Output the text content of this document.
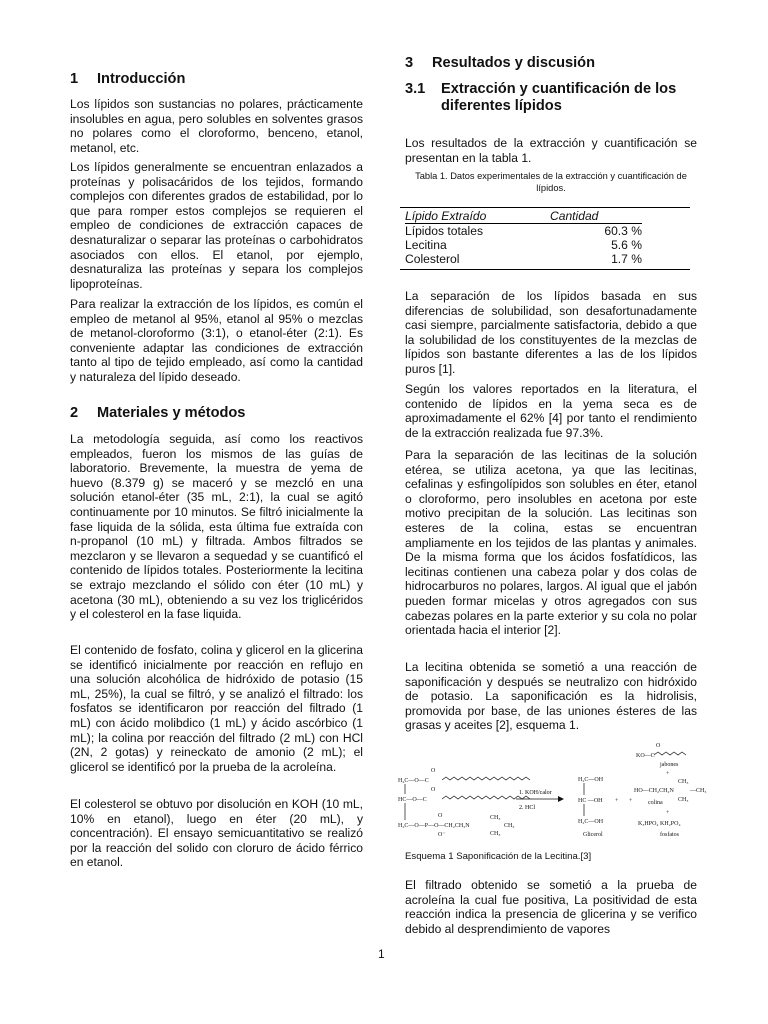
1 Introducción

Los lípidos son sustancias no polares, prácticamente insolubles en agua, pero solubles en solventes grasos no polares como el cloroformo, benceno, etanol, metanol, etc.

Los lípidos generalmente se encuentran enlazados a proteínas y polisacáridos de los tejidos, formando complejos con diferentes grados de estabilidad, por lo que para romper estos complejos se requieren el empleo de condiciones de extracción capaces de desnaturalizar o separar las proteínas o carbohidratos asociados con ellos. El etanol, por ejemplo, desnaturaliza las proteínas y separa los complejos lipoproteínas.

Para realizar la extracción de los lípidos, es común el empleo de metanol al 95%, etanol al 95% o mezclas de metanol-cloroformo (3:1), o etanol-éter (2:1). Es conveniente adaptar las condiciones de extracción tanto al tipo de tejido empleado, así como la cantidad y naturaleza del lípido deseado.

2 Materiales y métodos

La metodología seguida, así como los reactivos empleados, fueron los mismos de las guías de laboratorio. Brevemente, la muestra de yema de huevo (8.379 g) se maceró y se mezcló en una solución etanol-éter (35 mL, 2:1), la cual se agitó continuamente por 10 minutos. Se filtró inicialmente la fase liquida de la sólida, esta última fue extraída con n-propanol (10 mL) y filtrada. Ambos filtrados se mezclaron y se llevaron a sequedad y se cuantificó el contenido de lípidos totales. Posteriormente la lecitina se extrajo mezclando el sólido con éter (10 mL) y acetona (30 mL), obteniendo a su vez los triglicéridos y el colesterol en la fase liquida.

El contenido de fosfato, colina y glicerol en la glicerina se identificó inicialmente por reacción en reflujo en una solución alcohólica de hidróxido de potasio (15 mL, 25%), la cual se filtró, y se analizó el filtrado: los fosfatos se identificaron por reacción del filtrado (1 mL) con ácido molibdico (1 mL) y ácido ascórbico (1 mL); la colina por reacción del filtrado (2 mL) con HCl (2N, 2 gotas) y reineckato de amonio (2 mL); el glicerol se identificó por la prueba de la acroleína.

El colesterol se obtuvo por disolución en KOH (10 mL, 10% en etanol), luego en éter (20 mL), y concentración). El ensayo semicuantitativo se realizó por la reacción del solido con cloruro de ácido férrico en etanol.

3 Resultados y discusión
3.1 Extracción y cuantificación de los diferentes lípidos

Los resultados de la extracción y cuantificación se presentan en la tabla 1.

Tabla 1. Datos experimentales de la extracción y cuantificación de lípidos.
Lípido Extraído	Cantidad
Lípidos totales	60.3 %
Lecitina	5.6 %
Colesterol	1.7 %

La separación de los lípidos basada en sus diferencias de solubilidad, son desafortunadamente casi siempre, parcialmente satisfactoria, debido a que la solubilidad de los constituyentes de la mezclas de lípidos son bastante diferentes a las de los lípidos puros [1].

Según los valores reportados en la literatura, el contenido de lípidos en la yema seca es de aproximadamente el 62% [4] por tanto el rendimiento de la extracción realizada fue 97.3%.

Para la separación de las lecitinas de la solución etérea, se utiliza acetona, ya que las lecitinas, cefalinas y esfingolípidos son solubles en éter, etanol o cloroformo, pero insolubles en acetona por este motivo precipitan de la solución. Las lecitinas son esteres de la colina, estas se encuentran ampliamente en los tejidos de las plantas y animales. De la misma forma que los ácidos fosfatídicos, las lecitinas contienen una cabeza polar y dos colas de hidrocarburos no polares, largos. Al igual que el jabón pueden formar micelas y otros agregados con sus cabezas polares en la parte exterior y su cola no polar orientada hacia el interior [2].

La lecitina obtenida se sometió a una reacción de saponificación y después se neutralizo con hidróxido de potasio. La saponificación es la hidrolisis, promovida por base, de las uniones ésteres de las grasas y aceites [2], esquema 1.

H₂C—O—C
HC—O—C
H₂C—O—P—O—CH₂CH₂N
O
O
O
O⁻
CH₃
CH₃
CH₃
1. KOH/calor
2. HCl
H₂C—OH
HC —OH
H₂C—OH
Glicerol
+
O
KO—C
jabones
+
CH₃
HO—CH₂CH₂N	—CH₃
CH₃
+	colina
+
K₃HPO₄ KH₂PO₄
fosfatos
Esquema 1 Saponificación de la Lecitina.[3]

El filtrado obtenido se sometió a la prueba de acroleína la cual fue positiva, La positividad de esta reacción indica la presencia de glicerina y se verifico debido al desprendimiento de vapores

1
